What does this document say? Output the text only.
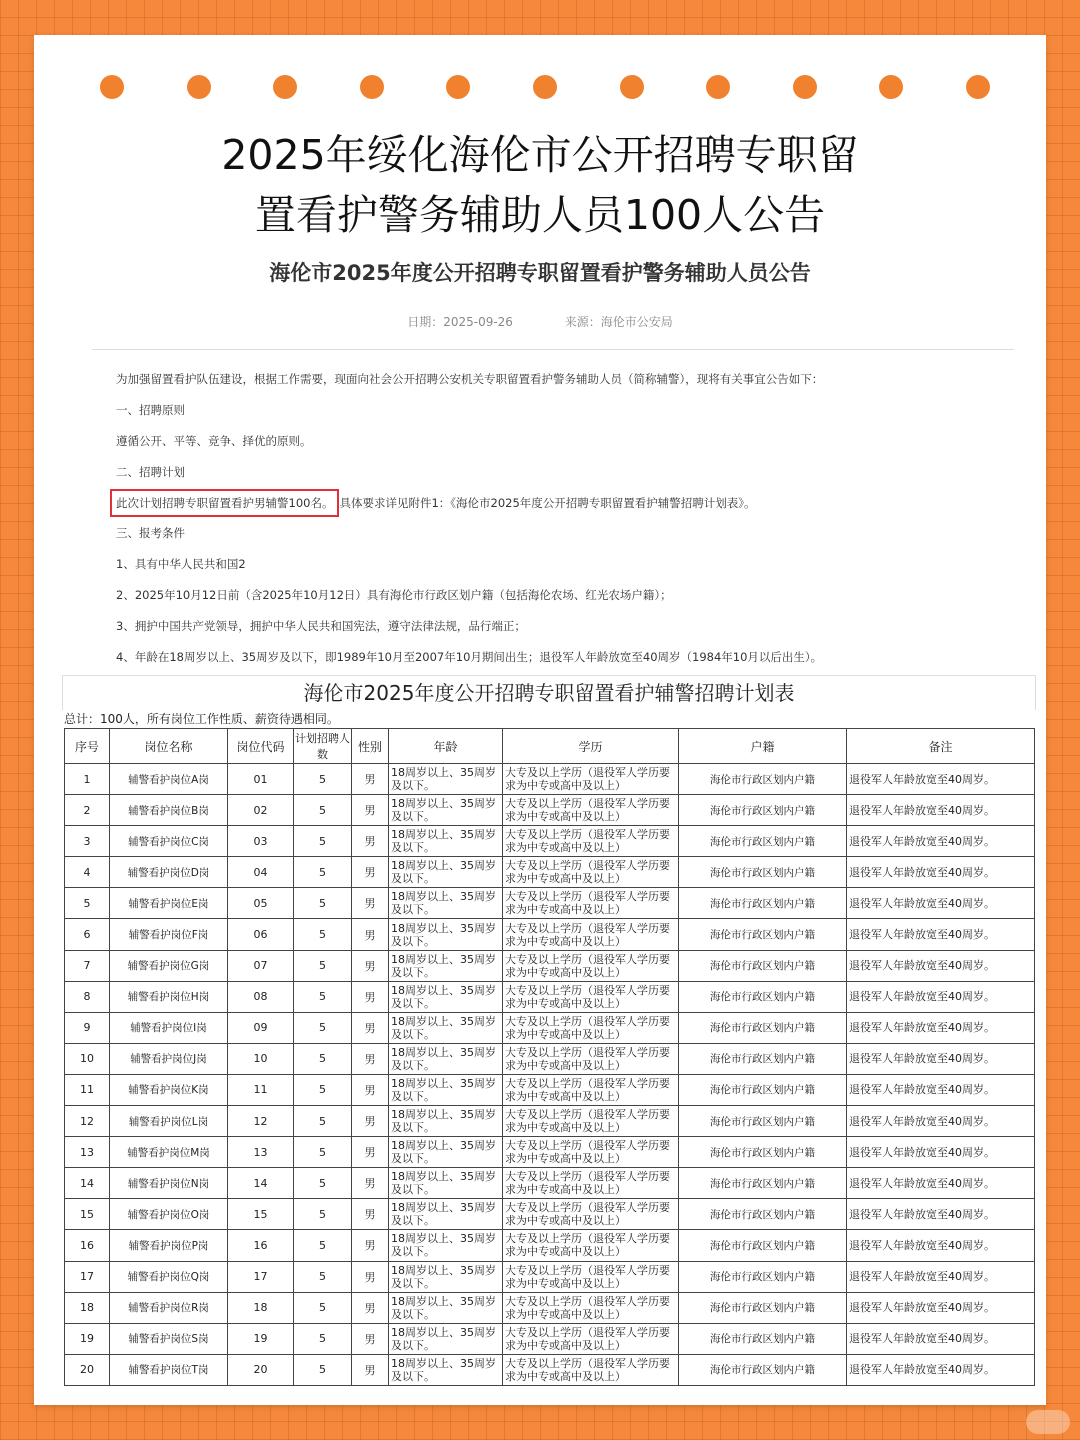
2025年绥化海伦市公开招聘专职留
置看护警务辅助人员100人公告
海伦市2025年度公开招聘专职留置看护警务辅助人员公告
日期：2025-09-26	来源：海伦市公安局
为加强留置看护队伍建设，根据工作需要，现面向社会公开招聘公安机关专职留置看护警务辅助人员（简称辅警），现将有关事宜公告如下：
一、招聘原则
遵循公开、平等、竞争、择优的原则。
二、招聘计划
此次计划招聘专职留置看护男辅警100名。 具体要求详见附件1：《海伦市2025年度公开招聘专职留置看护辅警招聘计划表》。
三、报考条件
1、具有中华人民共和国2
2、2025年10月12日前（含2025年10月12日）具有海伦市行政区划户籍（包括海伦农场、红光农场户籍）；
3、拥护中国共产党领导，拥护中华人民共和国宪法，遵守法律法规，品行端正；
4、年龄在18周岁以上、35周岁及以下，即1989年10月至2007年10月期间出生；退役军人年龄放宽至40周岁（1984年10月以后出生）。
海伦市2025年度公开招聘专职留置看护辅警招聘计划表
总计：100人，所有岗位工作性质、薪资待遇相同。
序号	岗位名称	岗位代码	计划招聘人数	性别	年龄	学历	户籍	备注
1	辅警看护岗位A岗	01	5	男	18周岁以上、35周岁及以下。	大专及以上学历（退役军人学历要求为中专或高中及以上）	海伦市行政区划内户籍	退役军人年龄放宽至40周岁。
2	辅警看护岗位B岗	02	5	男	18周岁以上、35周岁及以下。	大专及以上学历（退役军人学历要求为中专或高中及以上）	海伦市行政区划内户籍	退役军人年龄放宽至40周岁。
3	辅警看护岗位C岗	03	5	男	18周岁以上、35周岁及以下。	大专及以上学历（退役军人学历要求为中专或高中及以上）	海伦市行政区划内户籍	退役军人年龄放宽至40周岁。
4	辅警看护岗位D岗	04	5	男	18周岁以上、35周岁及以下。	大专及以上学历（退役军人学历要求为中专或高中及以上）	海伦市行政区划内户籍	退役军人年龄放宽至40周岁。
5	辅警看护岗位E岗	05	5	男	18周岁以上、35周岁及以下。	大专及以上学历（退役军人学历要求为中专或高中及以上）	海伦市行政区划内户籍	退役军人年龄放宽至40周岁。
6	辅警看护岗位F岗	06	5	男	18周岁以上、35周岁及以下。	大专及以上学历（退役军人学历要求为中专或高中及以上）	海伦市行政区划内户籍	退役军人年龄放宽至40周岁。
7	辅警看护岗位G岗	07	5	男	18周岁以上、35周岁及以下。	大专及以上学历（退役军人学历要求为中专或高中及以上）	海伦市行政区划内户籍	退役军人年龄放宽至40周岁。
8	辅警看护岗位H岗	08	5	男	18周岁以上、35周岁及以下。	大专及以上学历（退役军人学历要求为中专或高中及以上）	海伦市行政区划内户籍	退役军人年龄放宽至40周岁。
9	辅警看护岗位I岗	09	5	男	18周岁以上、35周岁及以下。	大专及以上学历（退役军人学历要求为中专或高中及以上）	海伦市行政区划内户籍	退役军人年龄放宽至40周岁。
10	辅警看护岗位J岗	10	5	男	18周岁以上、35周岁及以下。	大专及以上学历（退役军人学历要求为中专或高中及以上）	海伦市行政区划内户籍	退役军人年龄放宽至40周岁。
11	辅警看护岗位K岗	11	5	男	18周岁以上、35周岁及以下。	大专及以上学历（退役军人学历要求为中专或高中及以上）	海伦市行政区划内户籍	退役军人年龄放宽至40周岁。
12	辅警看护岗位L岗	12	5	男	18周岁以上、35周岁及以下。	大专及以上学历（退役军人学历要求为中专或高中及以上）	海伦市行政区划内户籍	退役军人年龄放宽至40周岁。
13	辅警看护岗位M岗	13	5	男	18周岁以上、35周岁及以下。	大专及以上学历（退役军人学历要求为中专或高中及以上）	海伦市行政区划内户籍	退役军人年龄放宽至40周岁。
14	辅警看护岗位N岗	14	5	男	18周岁以上、35周岁及以下。	大专及以上学历（退役军人学历要求为中专或高中及以上）	海伦市行政区划内户籍	退役军人年龄放宽至40周岁。
15	辅警看护岗位O岗	15	5	男	18周岁以上、35周岁及以下。	大专及以上学历（退役军人学历要求为中专或高中及以上）	海伦市行政区划内户籍	退役军人年龄放宽至40周岁。
16	辅警看护岗位P岗	16	5	男	18周岁以上、35周岁及以下。	大专及以上学历（退役军人学历要求为中专或高中及以上）	海伦市行政区划内户籍	退役军人年龄放宽至40周岁。
17	辅警看护岗位Q岗	17	5	男	18周岁以上、35周岁及以下。	大专及以上学历（退役军人学历要求为中专或高中及以上）	海伦市行政区划内户籍	退役军人年龄放宽至40周岁。
18	辅警看护岗位R岗	18	5	男	18周岁以上、35周岁及以下。	大专及以上学历（退役军人学历要求为中专或高中及以上）	海伦市行政区划内户籍	退役军人年龄放宽至40周岁。
19	辅警看护岗位S岗	19	5	男	18周岁以上、35周岁及以下。	大专及以上学历（退役军人学历要求为中专或高中及以上）	海伦市行政区划内户籍	退役军人年龄放宽至40周岁。
20	辅警看护岗位T岗	20	5	男	18周岁以上、35周岁及以下。	大专及以上学历（退役军人学历要求为中专或高中及以上）	海伦市行政区划内户籍	退役军人年龄放宽至40周岁。
